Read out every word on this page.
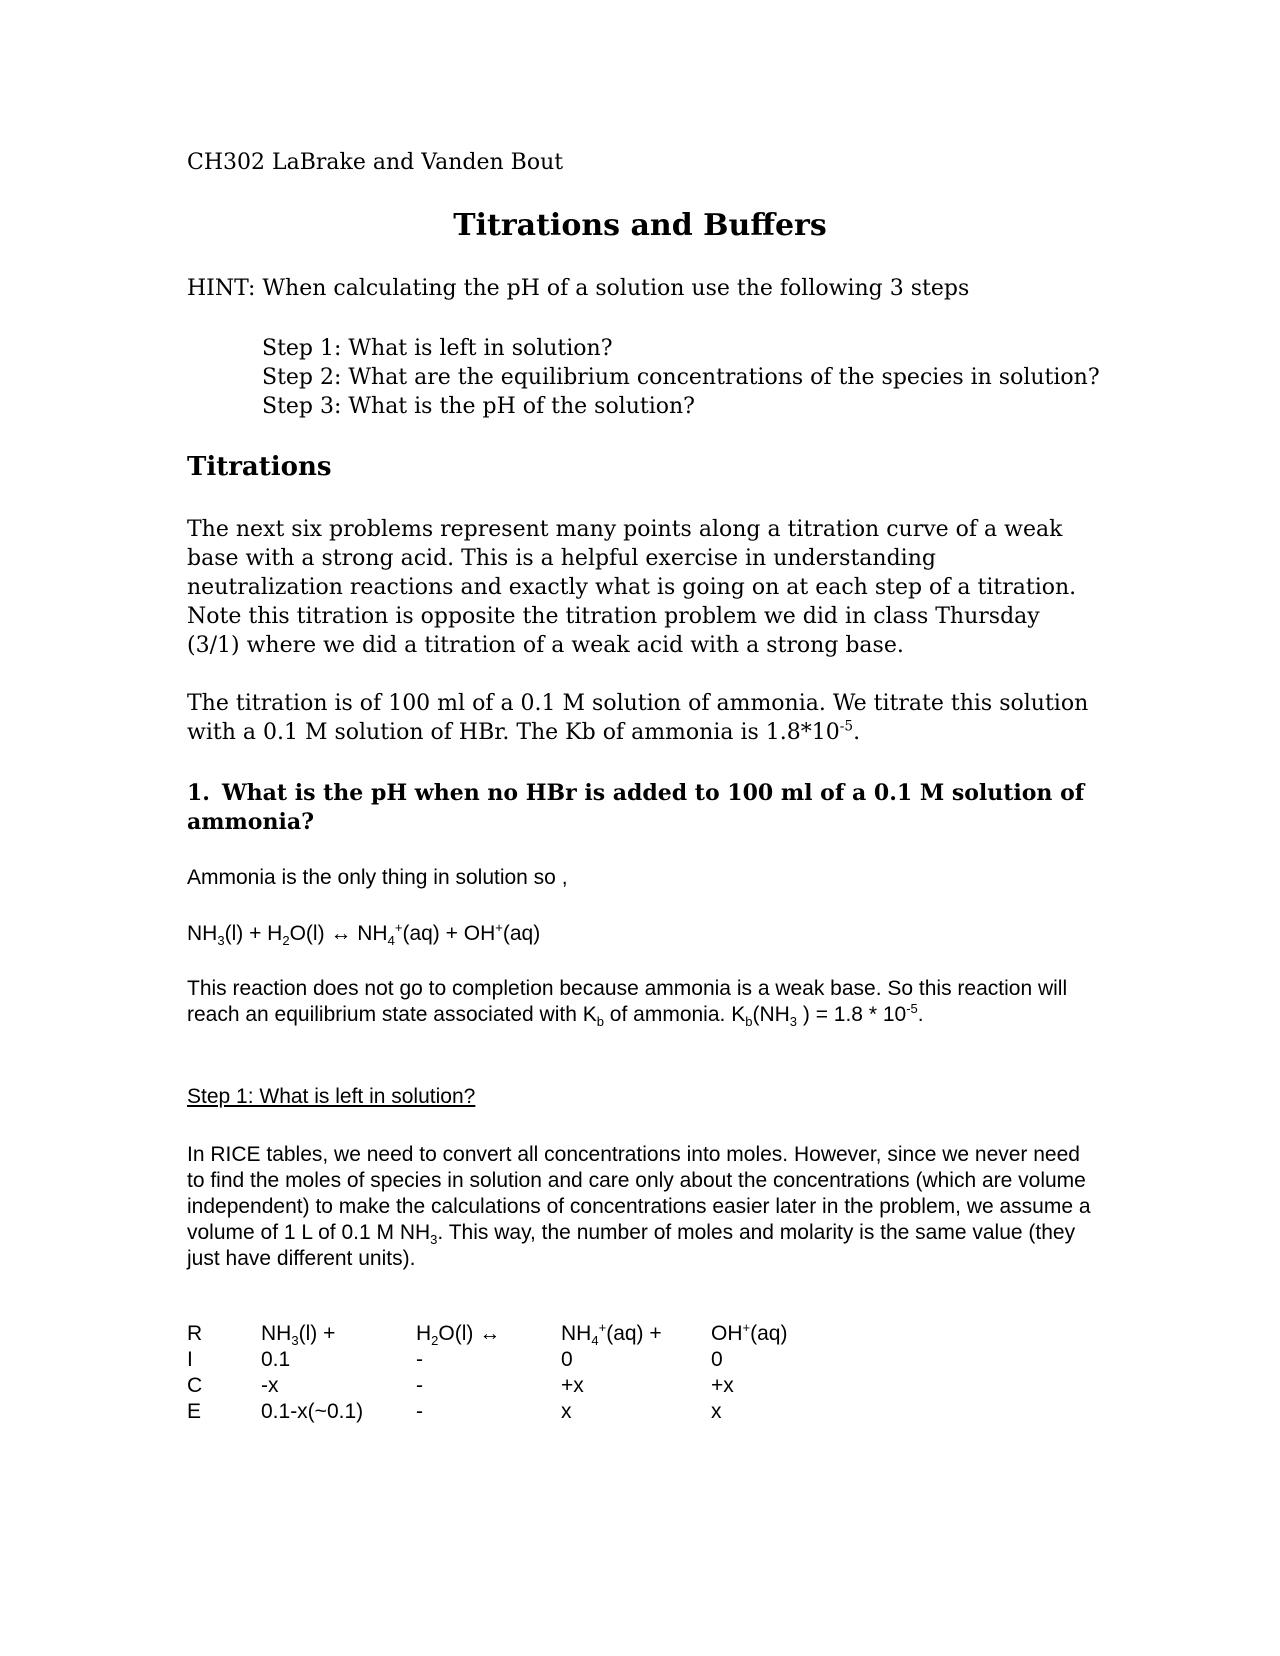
CH302 LaBrake and Vanden Bout
Titrations and Buffers
HINT: When calculating the pH of a solution use the following 3 steps
Step 1: What is left in solution?
Step 2: What are the equilibrium concentrations of the species in solution?
Step 3: What is the pH of the solution?
Titrations

The next six problems represent many points along a titration curve of a weak base with a strong acid. This is a helpful exercise in understanding neutralization reactions and exactly what is going on at each step of a titration. Note this titration is opposite the titration problem we did in class Thursday (3/1) where we did a titration of a weak acid with a strong base.

The titration is of 100 ml of a 0.1 M solution of ammonia. We titrate this solution with a 0.1 M solution of HBr. The Kb of ammonia is $1.8*10^{-5}$.

1. What is the pH when no HBr is added to 100 ml of a 0.1 M solution of ammonia?

Ammonia is the only thing in solution so ,
$NH_3(l) + H_2O(l)$ ↔ $NH_4^+(aq) + OH^+(aq)$

This reaction does not go to completion because ammonia is a weak base. So this reaction will reach an equilibrium state associated with $K_b$ of ammonia. $K_b(NH_3$ ) = $1.8 * 10^{-5}$.

Step 1: What is left in solution?

In RICE tables, we need to convert all concentrations into moles. However, since we never need to find the moles of species in solution and care only about the concentrations (which are volume independent) to make the calculations of concentrations easier later in the problem, we assume a volume of 1 L of 0.1 M $NH_3$. This way, the number of moles and molarity is the same value (they just have different units).

R	$NH_3(l)$ +	$H_2O(l)$ ↔	$NH_4^+(aq)$ +	OH+(aq)
I	0.1	-	0	0
C	-x	-	+x	+x
E	0.1-x(~0.1)	-	x	x
